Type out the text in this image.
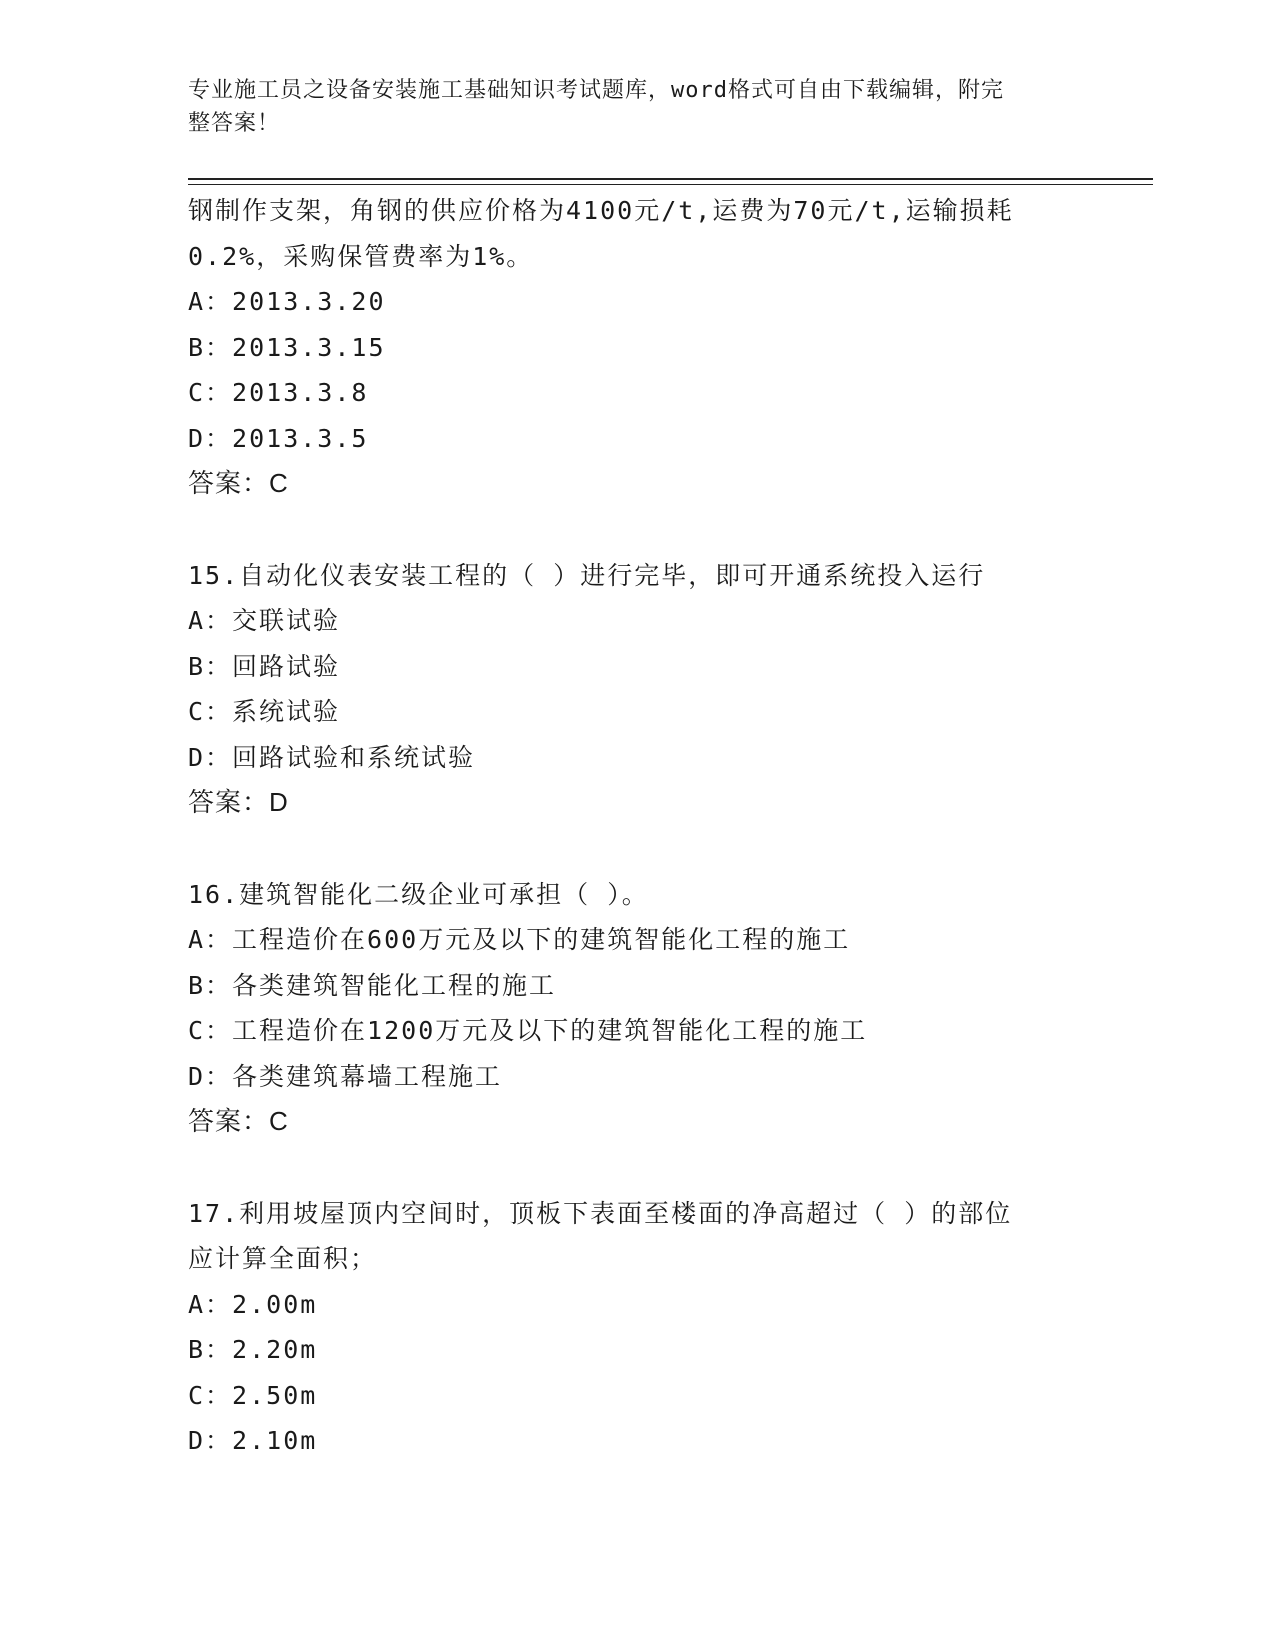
专业施工员之设备安装施工基础知识考试题库，word格式可自由下载编辑，附完
整答案！
钢制作支架，角钢的供应价格为4100元/t,运费为70元/t,运输损耗
0.2%，采购保管费率为1%。
A：2013.3.20
B：2013.3.15
C：2013.3.8
D：2013.3.5
答案：C
15.自动化仪表安装工程的（ ）进行完毕，即可开通系统投入运行
A：交联试验
B：回路试验
C：系统试验
D：回路试验和系统试验
答案：D
16.建筑智能化二级企业可承担（ ）。
A：工程造价在600万元及以下的建筑智能化工程的施工
B：各类建筑智能化工程的施工
C：工程造价在1200万元及以下的建筑智能化工程的施工
D：各类建筑幕墙工程施工
答案：C
17.利用坡屋顶内空间时，顶板下表面至楼面的净高超过（ ）的部位
应计算全面积；
A：2.00m
B：2.20m
C：2.50m
D：2.10m
